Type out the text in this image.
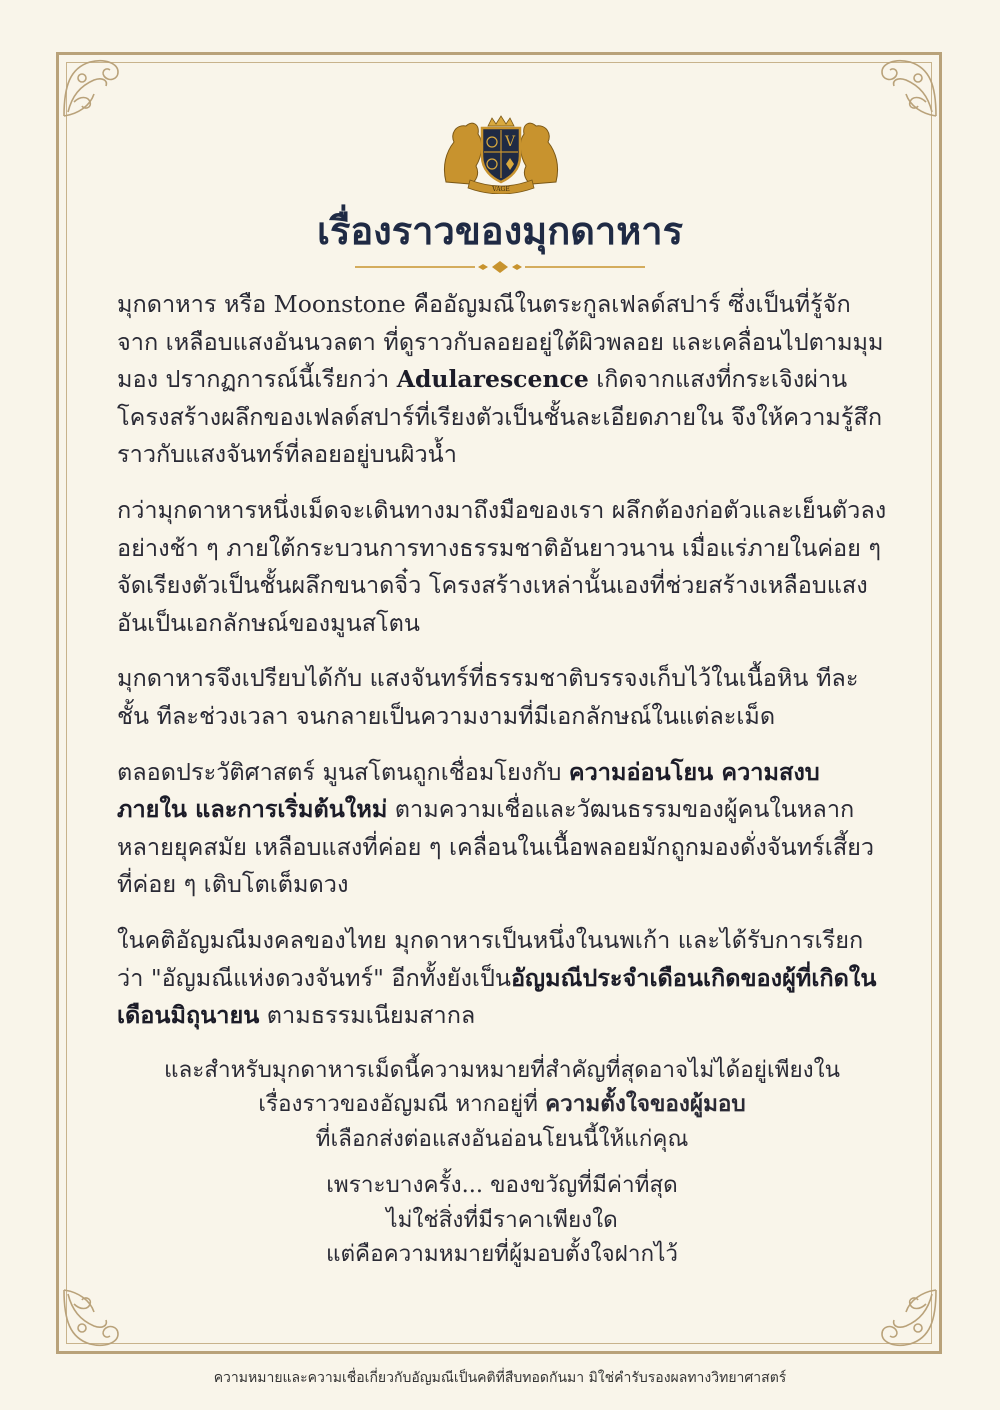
V
VAGE
เรื่องราวของมุกดาหาร

มุกดาหาร หรือ Moonstone คืออัญมณีในตระกูลเฟลด์สปาร์ ซึ่งเป็นที่รู้จักจาก เหลือบแสงอันนวลตา ที่ดูราวกับลอยอยู่ใต้ผิวพลอย และเคลื่อนไปตามมุมมอง ปรากฏการณ์นี้เรียกว่า Adularescence เกิดจากแสงที่กระเจิงผ่านโครงสร้างผลึกของเฟลด์สปาร์ที่เรียงตัวเป็นชั้นละเอียดภายใน จึงให้ความรู้สึกราวกับแสงจันทร์ที่ลอยอยู่บนผิวน้ำ

กว่ามุกดาหารหนึ่งเม็ดจะเดินทางมาถึงมือของเรา ผลึกต้องก่อตัวและเย็นตัวลงอย่างช้า ๆ ภายใต้กระบวนการทางธรรมชาติอันยาวนาน เมื่อแร่ภายในค่อย ๆ จัดเรียงตัวเป็นชั้นผลึกขนาดจิ๋ว โครงสร้างเหล่านั้นเองที่ช่วยสร้างเหลือบแสงอันเป็นเอกลักษณ์ของมูนสโตน

มุกดาหารจึงเปรียบได้กับ แสงจันทร์ที่ธรรมชาติบรรจงเก็บไว้ในเนื้อหิน ทีละชั้น ทีละช่วงเวลา จนกลายเป็นความงามที่มีเอกลักษณ์ในแต่ละเม็ด

ตลอดประวัติศาสตร์ มูนสโตนถูกเชื่อมโยงกับ ความอ่อนโยน ความสงบภายใน และการเริ่มต้นใหม่ ตามความเชื่อและวัฒนธรรมของผู้คนในหลากหลายยุคสมัย เหลือบแสงที่ค่อย ๆ เคลื่อนในเนื้อพลอยมักถูกมองดั่งจันทร์เสี้ยวที่ค่อย ๆ เติบโตเต็มดวง

ในคติอัญมณีมงคลของไทย มุกดาหารเป็นหนึ่งในนพเก้า และได้รับการเรียกว่า "อัญมณีแห่งดวงจันทร์" อีกทั้งยังเป็นอัญมณีประจำเดือนเกิดของผู้ที่เกิดใน เดือนมิถุนายน ตามธรรมเนียมสากล

และสำหรับมุกดาหารเม็ดนี้ความหมายที่สำคัญที่สุดอาจไม่ได้อยู่เพียงใน
เรื่องราวของอัญมณี หากอยู่ที่ ความตั้งใจของผู้มอบ
ที่เลือกส่งต่อแสงอันอ่อนโยนนี้ให้แก่คุณ

เพราะบางครั้ง... ของขวัญที่มีค่าที่สุด
ไม่ใช่สิ่งที่มีราคาเพียงใด
แต่คือความหมายที่ผู้มอบตั้งใจฝากไว้

ความหมายและความเชื่อเกี่ยวกับอัญมณีเป็นคติที่สืบทอดกันมา มิใช่คำรับรองผลทางวิทยาศาสตร์
